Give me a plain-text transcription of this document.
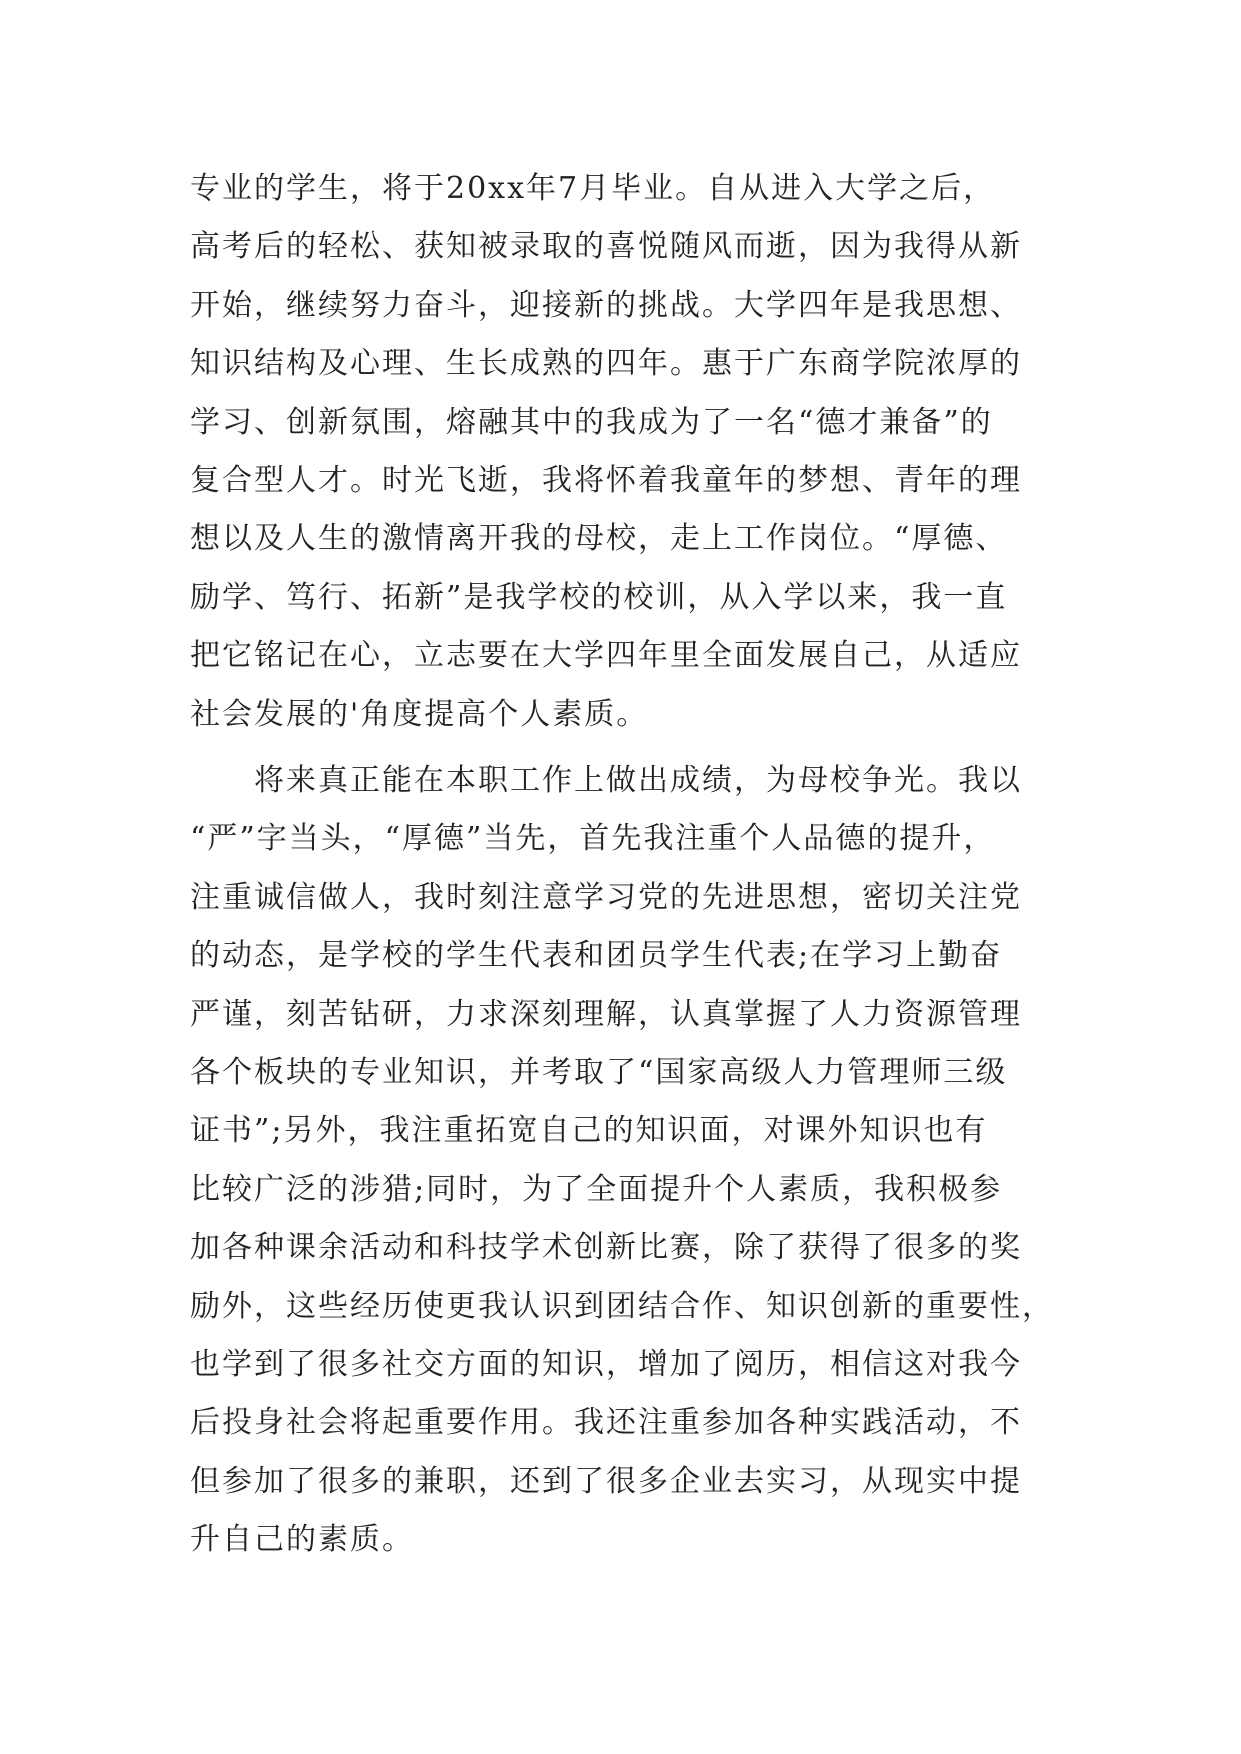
专业的学生，将于20xx年7月毕业。自从进入大学之后，
高考后的轻松、获知被录取的喜悦随风而逝，因为我得从新
开始，继续努力奋斗，迎接新的挑战。大学四年是我思想、
知识结构及心理、生长成熟的四年。惠于广东商学院浓厚的
学习、创新氛围，熔融其中的我成为了一名“德才兼备”的
复合型人才。时光飞逝，我将怀着我童年的梦想、青年的理
想以及人生的激情离开我的母校，走上工作岗位。“厚德、
励学、笃行、拓新”是我学校的校训，从入学以来，我一直
把它铭记在心，立志要在大学四年里全面发展自己，从适应
社会发展的'角度提高个人素质。
将来真正能在本职工作上做出成绩，为母校争光。我以
“严”字当头，“厚德”当先，首先我注重个人品德的提升，
注重诚信做人，我时刻注意学习党的先进思想，密切关注党
的动态，是学校的学生代表和团员学生代表;在学习上勤奋
严谨，刻苦钻研，力求深刻理解，认真掌握了人力资源管理
各个板块的专业知识，并考取了“国家高级人力管理师三级
证书”;另外，我注重拓宽自己的知识面，对课外知识也有
比较广泛的涉猎;同时，为了全面提升个人素质，我积极参
加各种课余活动和科技学术创新比赛，除了获得了很多的奖
励外，这些经历使更我认识到团结合作、知识创新的重要性，
也学到了很多社交方面的知识，增加了阅历，相信这对我今
后投身社会将起重要作用。我还注重参加各种实践活动，不
但参加了很多的兼职，还到了很多企业去实习，从现实中提
升自己的素质。
